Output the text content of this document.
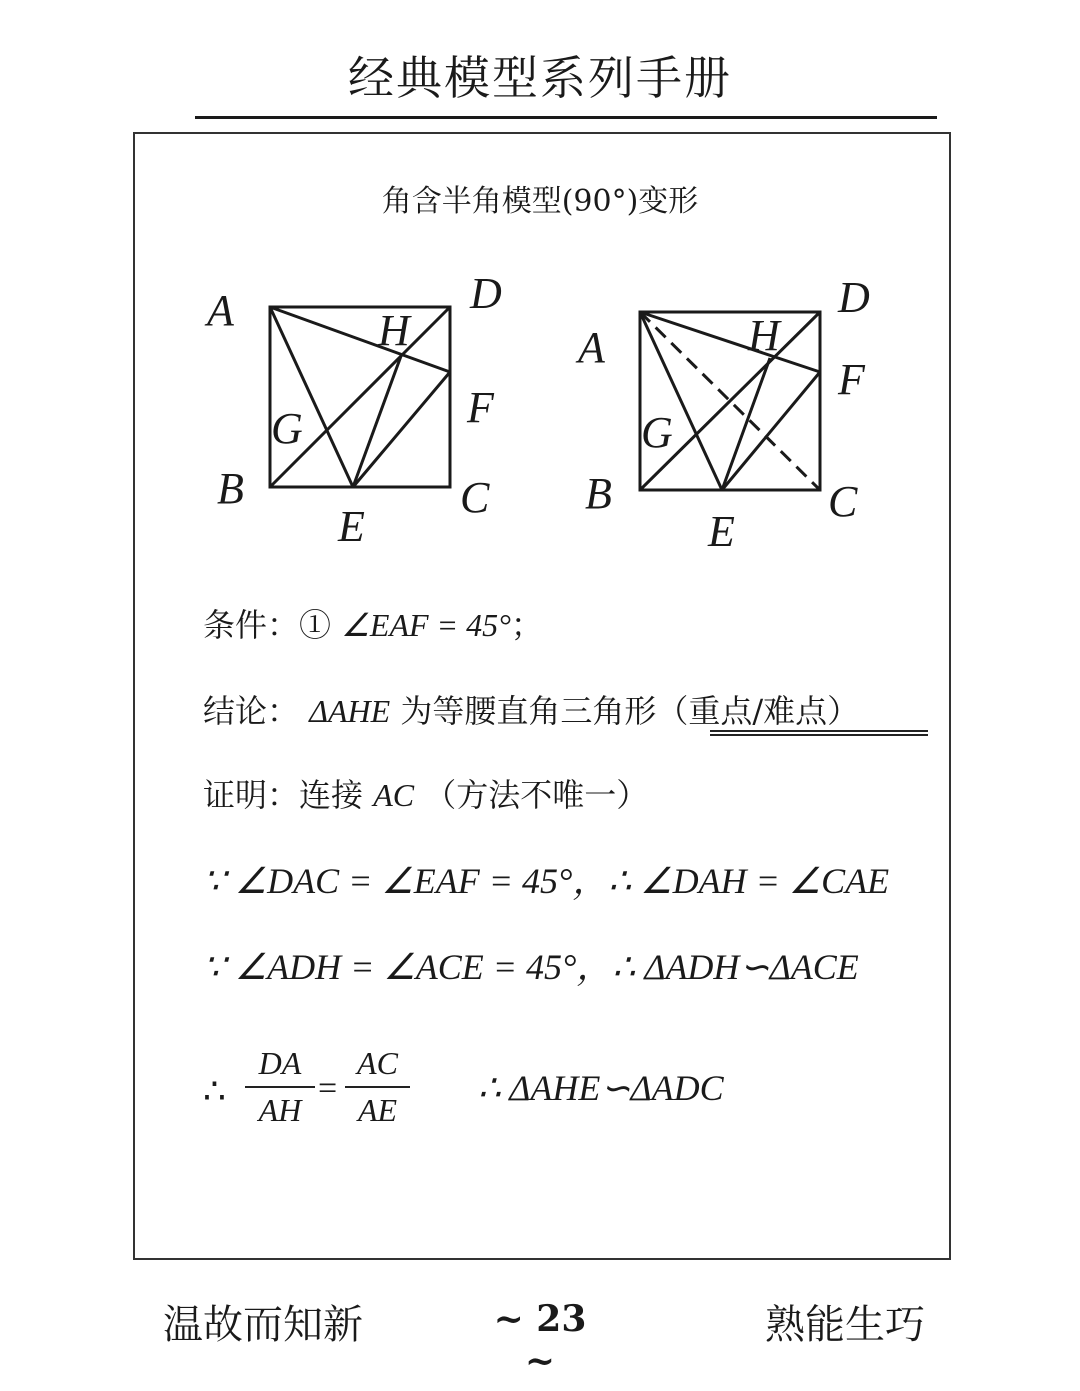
经典模型系列手册
角含半角模型(90°)变形
A	D
H
F
G
B	C
E
A
D
H
F
G
B	C
E
条件：① ∠EAF = 45°；
结论： ΔAHE 为等腰直角三角形（重点/难点）
证明：连接 AC （方法不唯一）
∵ ∠DAC = ∠EAF = 45°，∴ ∠DAH = ∠CAE
∵ ∠ADH = ∠ACE = 45°，∴ ΔADH∽ΔACE
∴
DA
AH
=
AC
AE
∴ ΔAHE∽ΔADC
温故而知新	~ 23 ~
熟能生巧
